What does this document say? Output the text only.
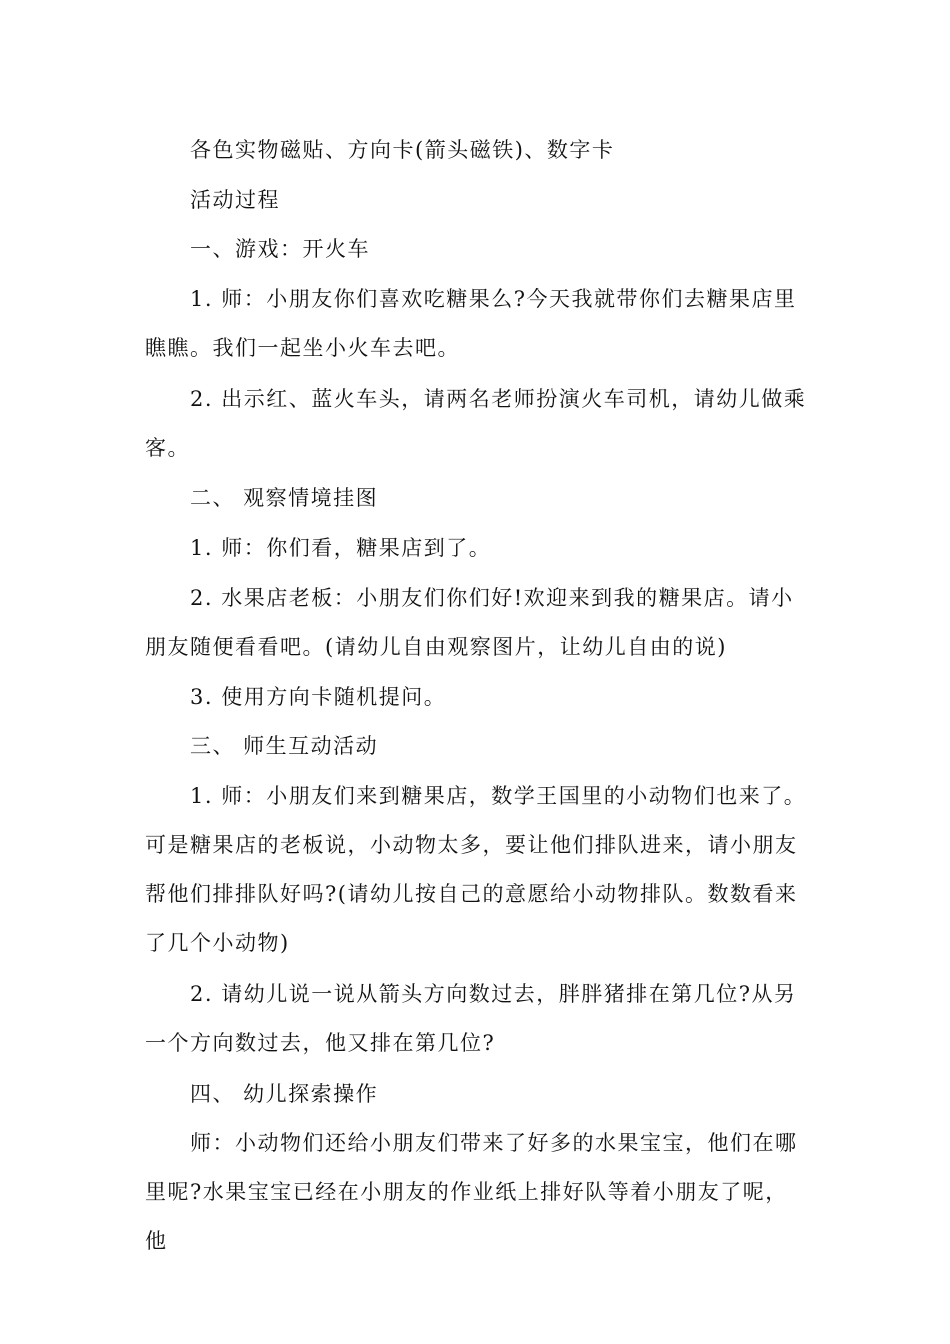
各色实物磁贴、方向卡(箭头磁铁)、数字卡
活动过程
一、游戏：开火车
1. 师：小朋友你们喜欢吃糖果么?今天我就带你们去糖果店里瞧瞧。我们一起坐小火车去吧。
2. 出示红、蓝火车头，请两名老师扮演火车司机，请幼儿做乘客。
二、 观察情境挂图
1. 师：你们看，糖果店到了。
2. 水果店老板：小朋友们你们好!欢迎来到我的糖果店。请小朋友随便看看吧。(请幼儿自由观察图片，让幼儿自由的说)
3. 使用方向卡随机提问。
三、 师生互动活动
1. 师：小朋友们来到糖果店，数学王国里的小动物们也来了。可是糖果店的老板说，小动物太多，要让他们排队进来，请小朋友帮他们排排队好吗?(请幼儿按自己的意愿给小动物排队。数数看来了几个小动物)
2. 请幼儿说一说从箭头方向数过去，胖胖猪排在第几位?从另一个方向数过去，他又排在第几位?
四、 幼儿探索操作
师：小动物们还给小朋友们带来了好多的水果宝宝，他们在哪里呢?水果宝宝已经在小朋友的作业纸上排好队等着小朋友了呢，他
